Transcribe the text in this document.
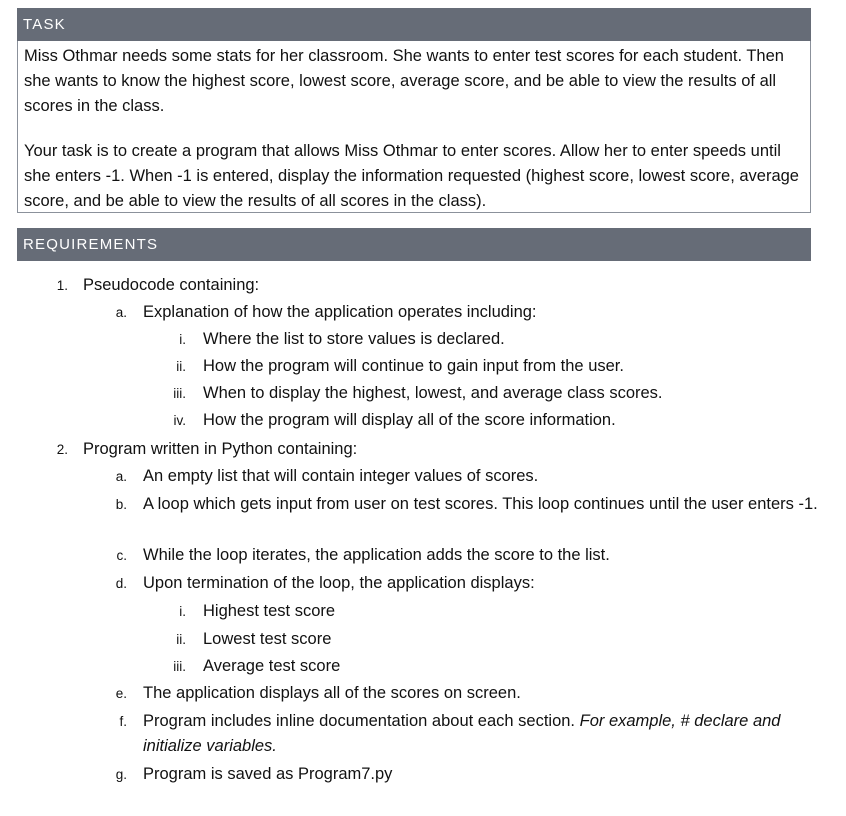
TASK

Miss Othmar needs some stats for her classroom. She wants to enter test scores for each student. Then she wants to know the highest score, lowest score, average score, and be able to view the results of all scores in the class.

Your task is to create a program that allows Miss Othmar to enter scores. Allow her to enter speeds until she enters -1. When -1 is entered, display the information requested (highest score, lowest score, average score, and be able to view the results of all scores in the class).

REQUIREMENTS
1. Pseudocode containing:
a. Explanation of how the application operates including:
i. Where the list to store values is declared.
ii. How the program will continue to gain input from the user.
iii. When to display the highest, lowest, and average class scores.
iv. How the program will display all of the score information.
2. Program written in Python containing:
a. An empty list that will contain integer values of scores.
b. A loop which gets input from user on test scores. This loop continues until the user enters -1.
c. While the loop iterates, the application adds the score to the list.
d. Upon termination of the loop, the application displays:
i. Highest test score
ii. Lowest test score
iii. Average test score
e. The application displays all of the scores on screen.
f. Program includes inline documentation about each section. For example, # declare and initialize variables.
g. Program is saved as Program7.py
